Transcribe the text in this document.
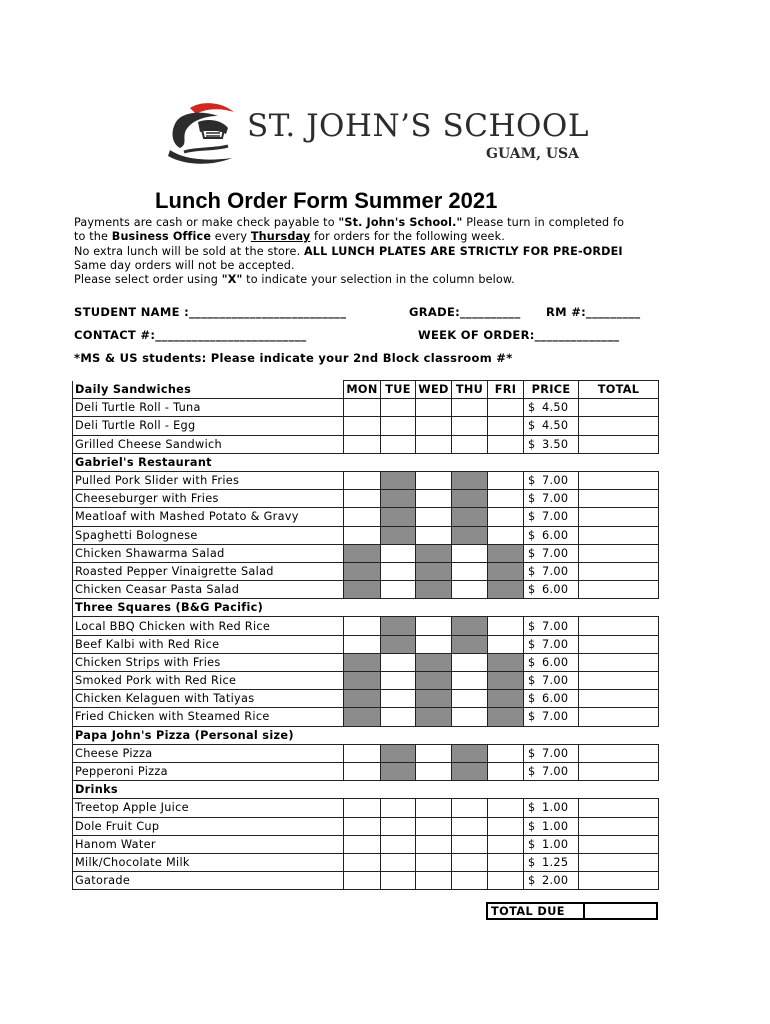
ST. JOHN’S SCHOOL
GUAM, USA
Lunch Order Form Summer 2021
Payments are cash or make check payable to "St. John's School." Please turn in completed fo
to the Business Office every Thursday for orders for the following week.
No extra lunch will be sold at the store. ALL LUNCH PLATES ARE STRICTLY FOR PRE-ORDEI
Same day orders will not be accepted.
Please select order using "X" to indicate your selection in the column below.
STUDENT NAME :__________________________	GRADE:__________ RM #:_________
CONTACT #:_________________________	WEEK OF ORDER:______________
*MS & US students: Please indicate your 2nd Block classroom #*
Daily Sandwiches	MON	TUE	WED	THU	FRI	PRICE	TOTAL
Deli Turtle Roll - Tuna						$ 4.50	
Deli Turtle Roll - Egg						$ 4.50	
Grilled Cheese Sandwich						$ 3.50	
Gabriel's Restaurant							
Pulled Pork Slider with Fries						$ 7.00	
Cheeseburger with Fries						$ 7.00	
Meatloaf with Mashed Potato & Gravy						$ 7.00	
Spaghetti Bolognese						$ 6.00	
Chicken Shawarma Salad						$ 7.00	
Roasted Pepper Vinaigrette Salad						$ 7.00	
Chicken Ceasar Pasta Salad						$ 6.00	
Three Squares (B&G Pacific)							
Local BBQ Chicken with Red Rice						$ 7.00	
Beef Kalbi with Red Rice						$ 7.00	
Chicken Strips with Fries						$ 6.00	
Smoked Pork with Red Rice						$ 7.00	
Chicken Kelaguen with Tatiyas						$ 6.00	
Fried Chicken with Steamed Rice						$ 7.00	
Papa John's Pizza (Personal size)							
Cheese Pizza						$ 7.00	
Pepperoni Pizza						$ 7.00	
Drinks							
Treetop Apple Juice						$ 1.00	
Dole Fruit Cup						$ 1.00	
Hanom Water						$ 1.00	
Milk/Chocolate Milk						$ 1.25	
Gatorade						$ 2.00	
TOTAL DUE
